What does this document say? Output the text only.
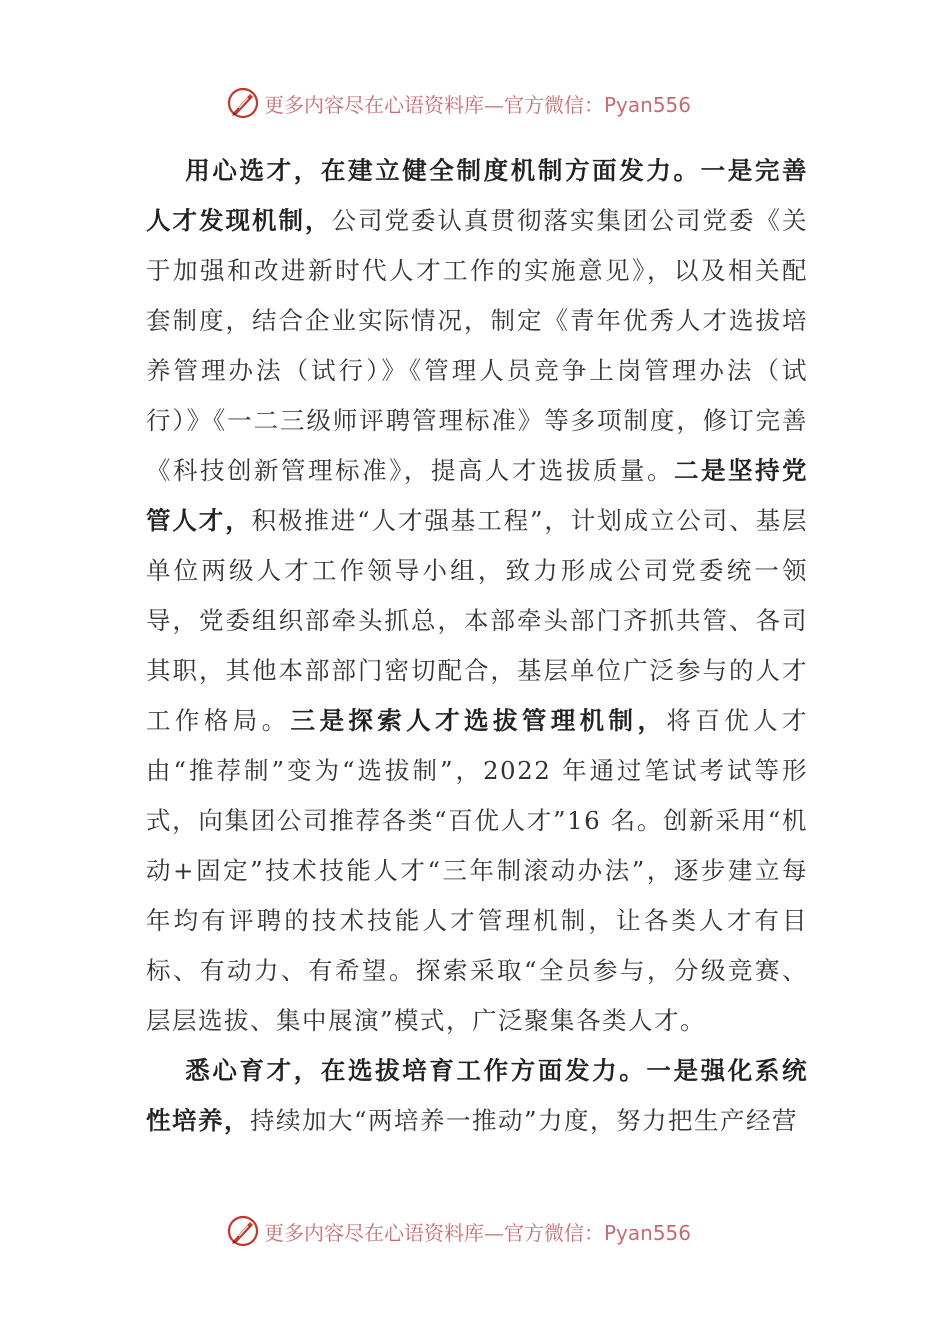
更多内容尽在心语资料库—官方微信：Pyan556

用心选才，在建立健全制度机制方面发力。一是完善人才发现机制，公司党委认真贯彻落实集团公司党委《关于加强和改进新时代人才工作的实施意见》，以及相关配套制度，结合企业实际情况，制定《青年优秀人才选拔培养管理办法（试行）》《管理人员竞争上岗管理办法（试行）》《一二三级师评聘管理标准》等多项制度，修订完善《科技创新管理标准》，提高人才选拔质量。二是坚持党管人才，积极推进“人才强基工程”，计划成立公司、基层单位两级人才工作领导小组，致力形成公司党委统一领导，党委组织部牵头抓总，本部牵头部门齐抓共管、各司其职，其他本部部门密切配合，基层单位广泛参与的人才工作格局。三是探索人才选拔管理机制，将百优人才由“推荐制”变为“选拔制”，2022 年通过笔试考试等形式，向集团公司推荐各类“百优人才”16 名。创新采用“机动+固定”技术技能人才“三年制滚动办法”，逐步建立每年均有评聘的技术技能人才管理机制，让各类人才有目标、有动力、有希望。探索采取“全员参与，分级竞赛、层层选拔、集中展演”模式，广泛聚集各类人才。

悉心育才，在选拔培育工作方面发力。一是强化系统性培养，持续加大“两培养一推动”力度，努力把生产经营

更多内容尽在心语资料库—官方微信：Pyan556
